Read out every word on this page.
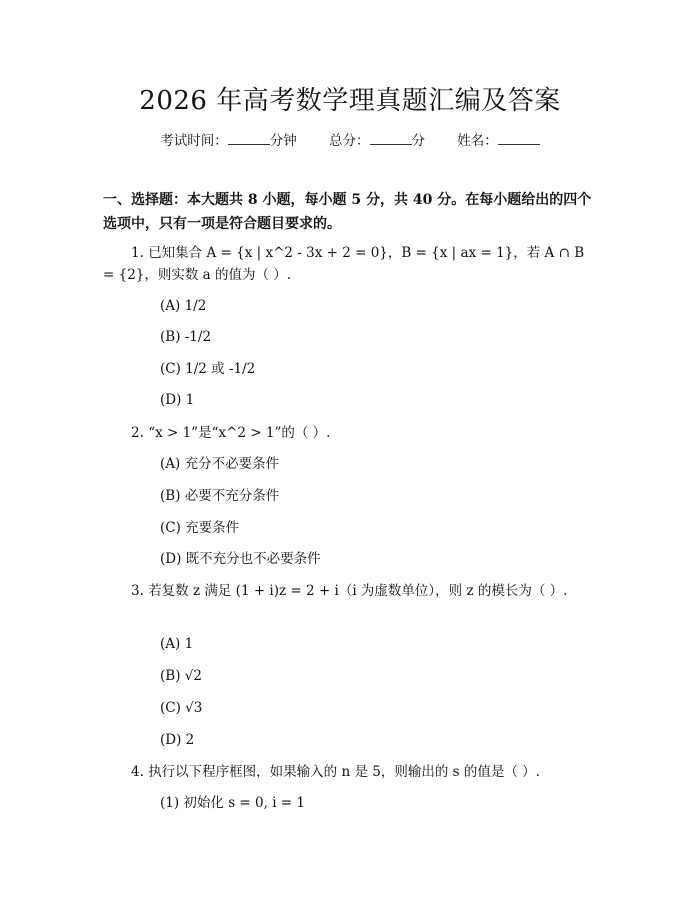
2026 年高考数学理真题汇编及答案
考试时间：	分钟 总分：	分 姓名：
一、选择题：本大题共 8 小题，每小题 5 分，共 40 分。在每小题给出的四个选项中，只有一项是符合题目要求的。
1. 已知集合 A = {x | x^2 - 3x + 2 = 0}，B = {x | ax = 1}，若 A ∩ B = {2}，则实数 a 的值为（ ）.
(A) 1/2
(B) -1/2
(C) 1/2 或 -1/2
(D) 1
2. “x > 1”是“x^2 > 1”的（ ）.
(A) 充分不必要条件
(B) 必要不充分条件
(C) 充要条件
(D) 既不充分也不必要条件
3. 若复数 z 满足 (1 + i)z = 2 + i（i 为虚数单位），则 z 的模长为（ ）.
(A) 1
(B) √2
(C) √3
(D) 2
4. 执行以下程序框图，如果输入的 n 是 5，则输出的 s 的值是（ ）.
(1) 初始化 s = 0, i = 1
